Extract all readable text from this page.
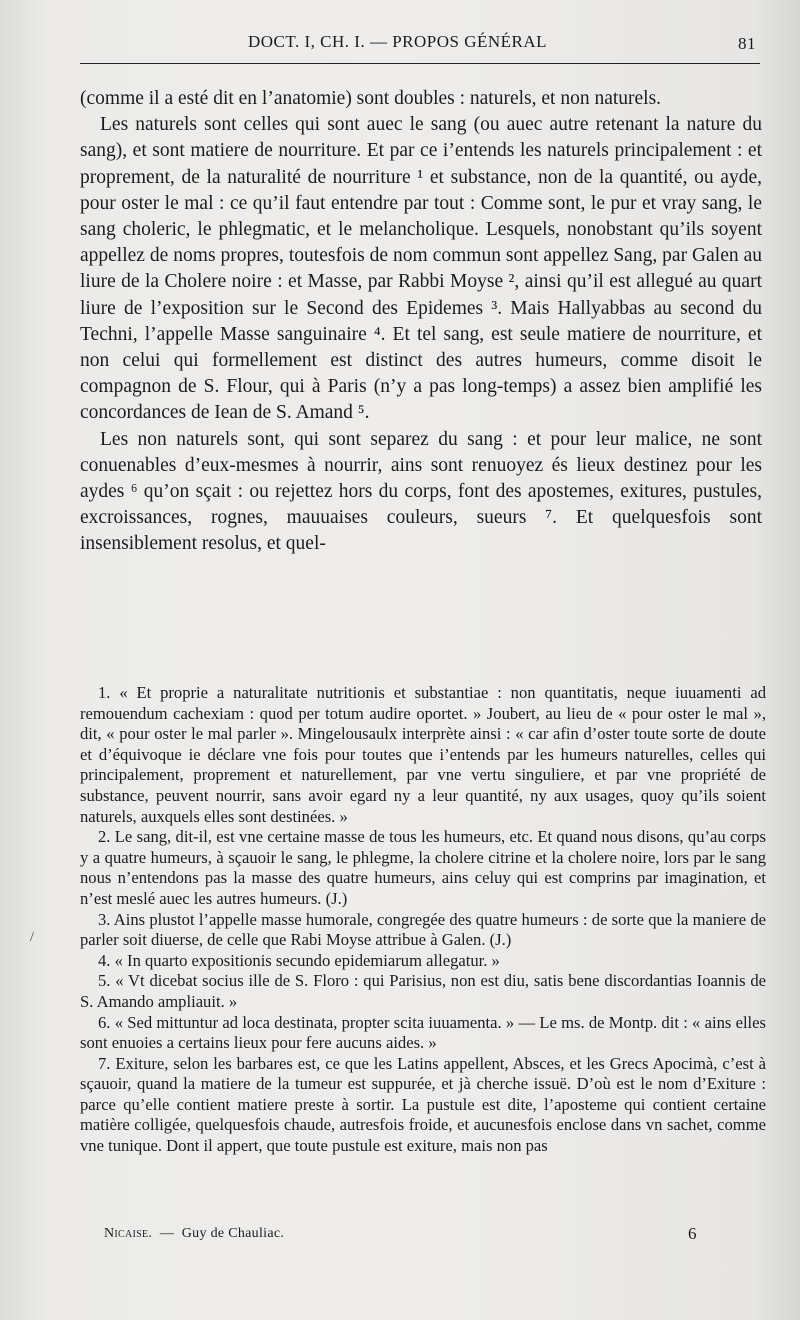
DOCT. I, CH. I. — PROPOS GÉNÉRAL	81

(comme il a esté dit en l’anatomie) sont doubles : naturels, et non naturels.

Les naturels sont celles qui sont auec le sang (ou auec autre retenant la nature du sang), et sont matiere de nourriture. Et par ce i’entends les naturels principalement : et proprement, de la naturalité de nourriture ¹ et substance, non de la quantité, ou ayde, pour oster le mal : ce qu’il faut entendre par tout : Comme sont, le pur et vray sang, le sang choleric, le phlegmatic, et le melancholique. Lesquels, nonobstant qu’ils soyent appellez de noms propres, toutesfois de nom commun sont appellez Sang, par Galen au liure de la Cholere noire : et Masse, par Rabbi Moyse ², ainsi qu’il est allegué au quart liure de l’exposition sur le Second des Epidemes ³. Mais Hallyabbas au second du Techni, l’appelle Masse sanguinaire ⁴. Et tel sang, est seule matiere de nourriture, et non celui qui formellement est distinct des autres humeurs, comme disoit le compagnon de S. Flour, qui à Paris (n’y a pas long-temps) a assez bien amplifié les concordances de Iean de S. Amand ⁵.

Les non naturels sont, qui sont separez du sang : et pour leur malice, ne sont conuenables d’eux-mesmes à nourrir, ains sont renuoyez és lieux destinez pour les aydes ⁶ qu’on sçait : ou rejettez hors du corps, font des apostemes, exitures, pustules, excroissances, rognes, mauuaises couleurs, sueurs ⁷. Et quelquesfois sont insensiblement resolus, et quel-

/

1. « Et proprie a naturalitate nutritionis et substantiae : non quantitatis, neque iuuamenti ad remouendum cachexiam : quod per totum audire oportet. » Joubert, au lieu de « pour oster le mal », dit, « pour oster le mal parler ». Mingelousaulx interprète ainsi : « car afin d’oster toute sorte de doute et d’équivoque ie déclare vne fois pour toutes que i’entends par les humeurs naturelles, celles qui principalement, proprement et naturellement, par vne vertu singuliere, et par vne propriété de substance, peuvent nourrir, sans avoir egard ny a leur quantité, ny aux usages, quoy qu’ils soient naturels, auxquels elles sont destinées. »

2. Le sang, dit-il, est vne certaine masse de tous les humeurs, etc. Et quand nous disons, qu’au corps y a quatre humeurs, à sçauoir le sang, le phlegme, la cholere citrine et la cholere noire, lors par le sang nous n’entendons pas la masse des quatre humeurs, ains celuy qui est comprins par imagination, et n’est meslé auec les autres humeurs. (J.)

3. Ains plustot l’appelle masse humorale, congregée des quatre humeurs : de sorte que la maniere de parler soit diuerse, de celle que Rabi Moyse attribue à Galen. (J.)

4. « In quarto expositionis secundo epidemiarum allegatur. »

5. « Vt dicebat socius ille de S. Floro : qui Parisius, non est diu, satis bene discordantias Ioannis de S. Amando ampliauit. »

6. « Sed mittuntur ad loca destinata, propter scita iuuamenta. » — Le ms. de Montp. dit : « ains elles sont enuoies a certains lieux pour fere aucuns aides. »

7. Exiture, selon les barbares est, ce que les Latins appellent, Absces, et les Grecs Apocimà, c’est à sçauoir, quand la matiere de la tumeur est suppurée, et jà cherche issuë. D’où est le nom d’Exiture : parce qu’elle contient matiere preste à sortir. La pustule est dite, l’aposteme qui contient certaine matière colligée, quelquesfois chaude, autresfois froide, et aucunesfois enclose dans vn sachet, comme vne tunique. Dont il appert, que toute pustule est exiture, mais non pas

Nicaise. — Guy de Chauliac.	6
